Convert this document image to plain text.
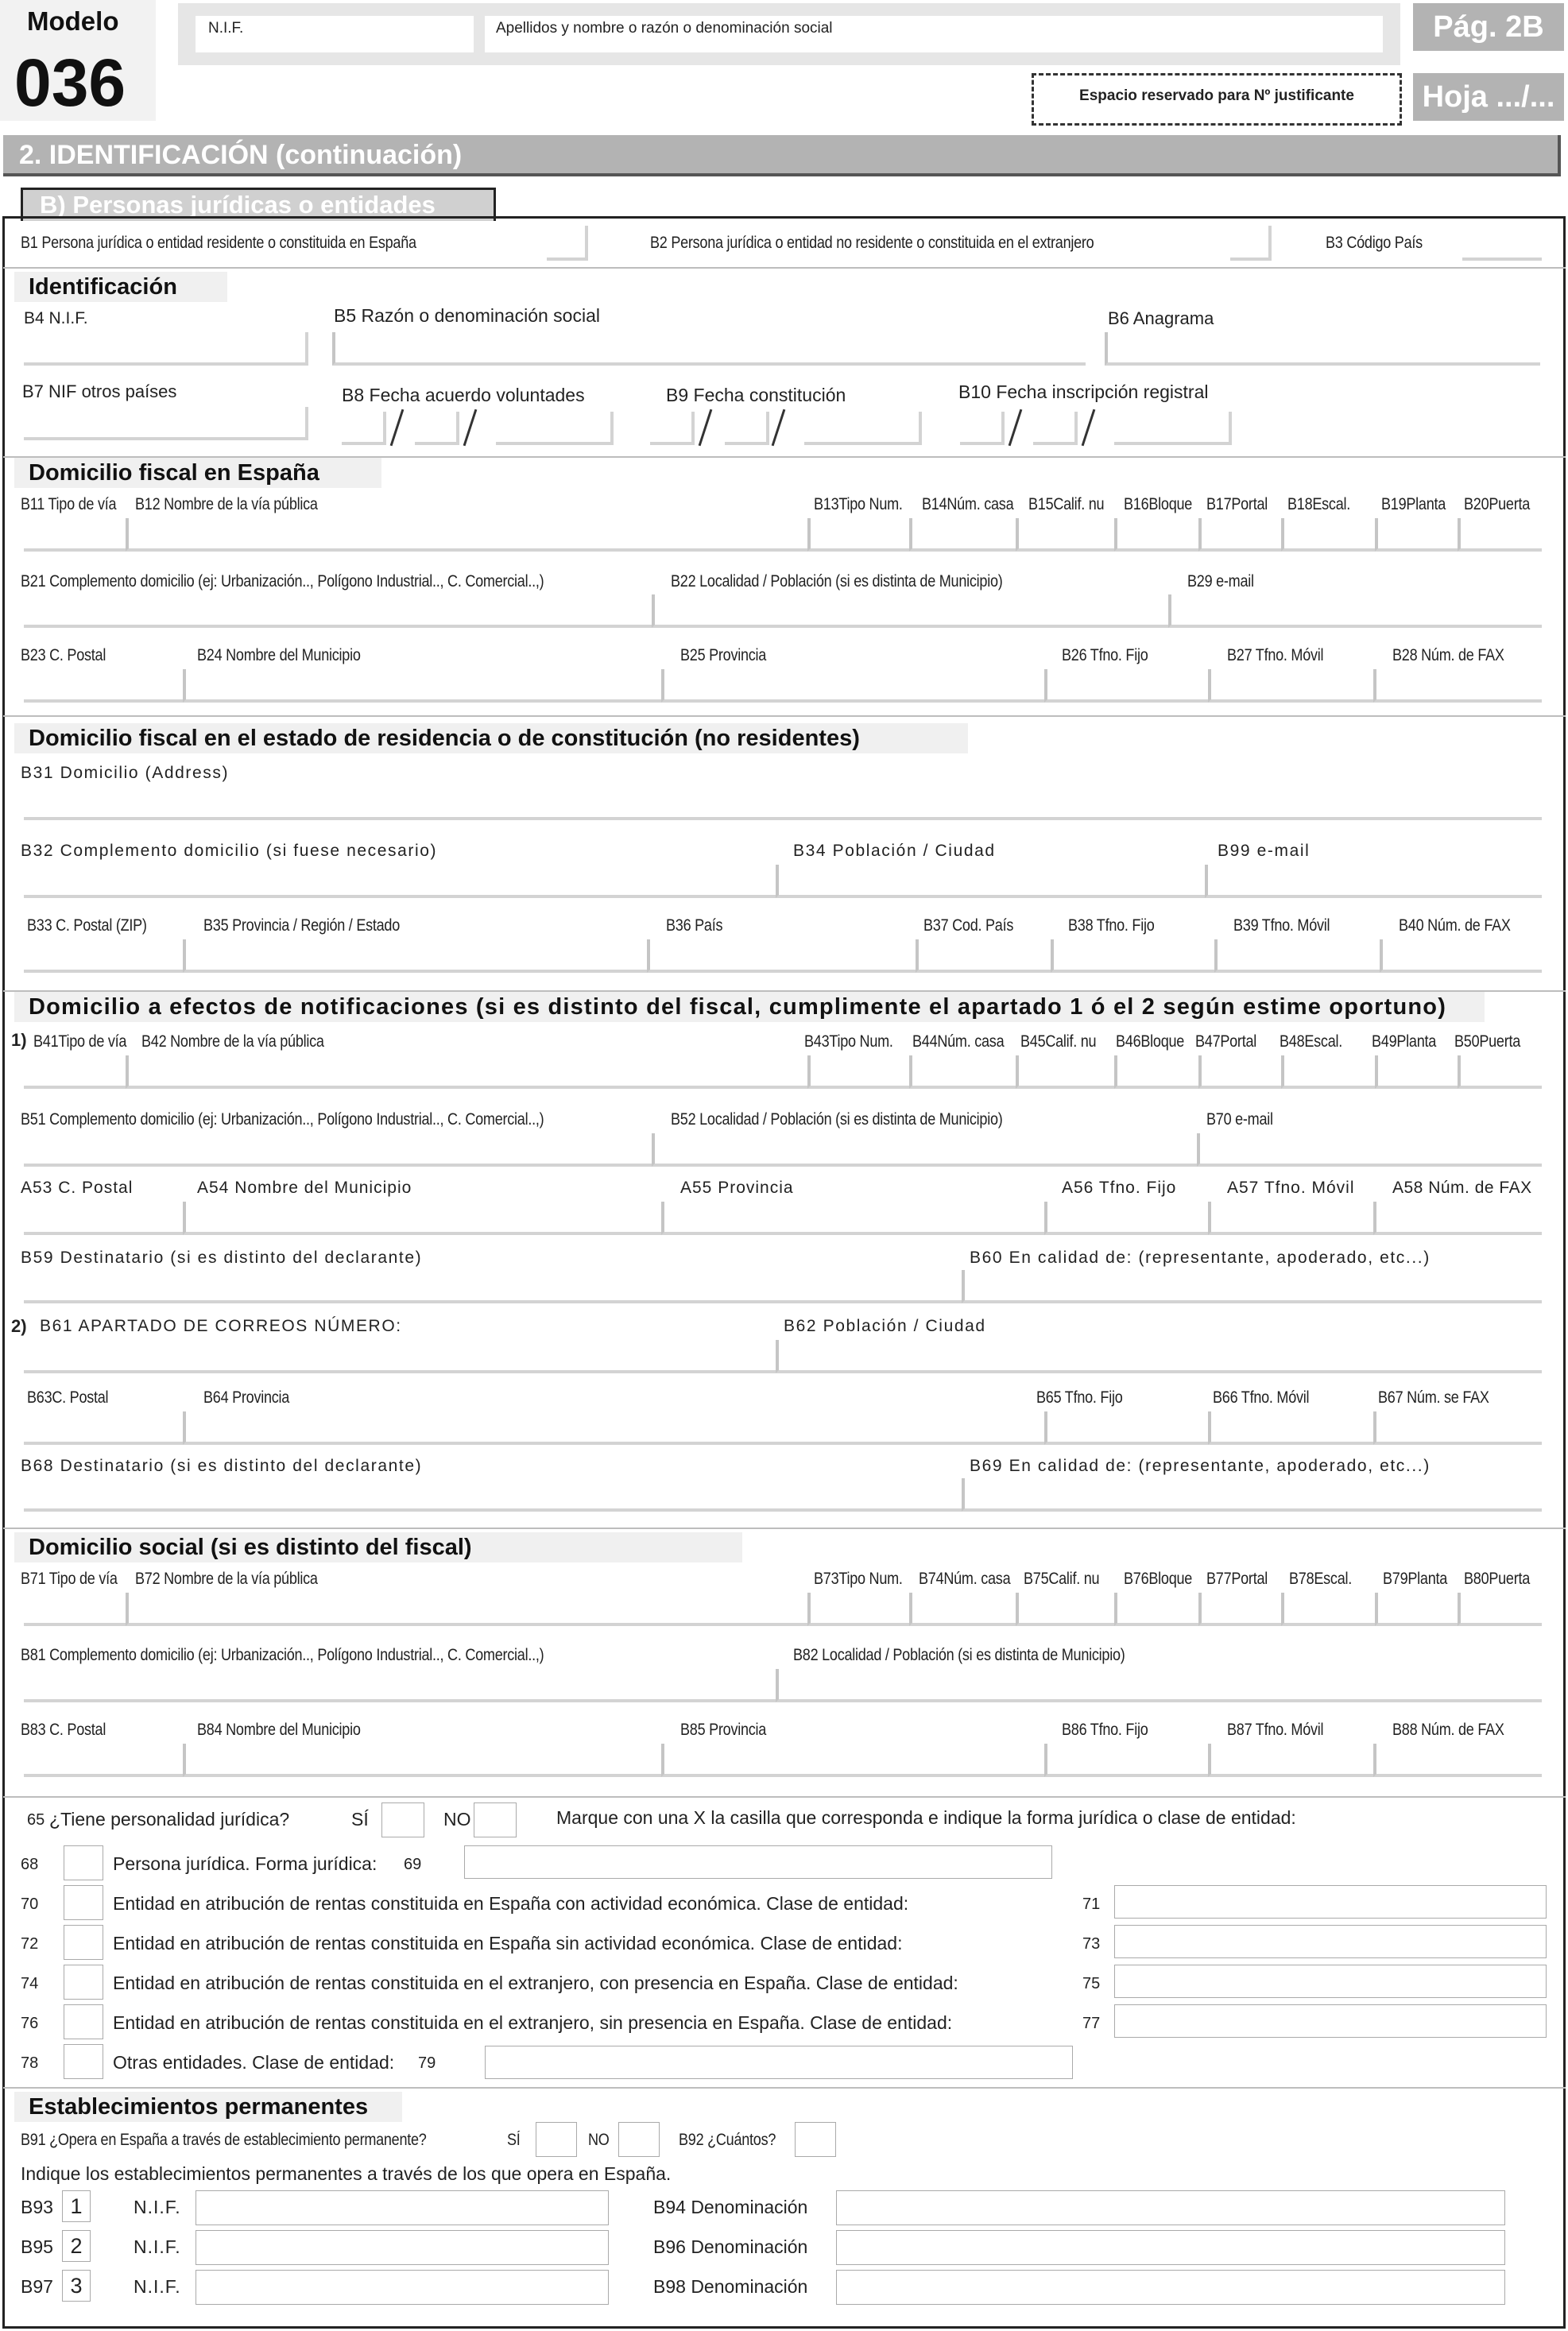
Modelo
036
N.I.F.	Apellidos y nombre o razón o denominación social	Pág. 2B
Hoja .../...
Espacio reservado para Nº justificante
2. IDENTIFICACIÓN (continuación)
B) Personas jurídicas o entidades
B1 Persona jurídica o entidad residente o constituida en España	B2 Persona jurídica o entidad no residente o constituida en el extranjero	B3 Código País
Identificación
B4 N.I.F.	B5 Razón o denominación social	B6 Anagrama
B7 NIF otros países	B8 Fecha acuerdo voluntades	B9 Fecha constitución	B10 Fecha inscripción registral
Domicilio fiscal en España
B11 Tipo de vía B12 Nombre de la vía pública	B13Tipo Num. B14Núm. casa B15Calif. nu B16Bloque B17Portal B18Escal. B19Planta B20Puerta
B21 Complemento domicilio (ej: Urbanización.., Polígono Industrial.., C. Comercial..,)	B22 Localidad / Población (si es distinta de Municipio)	B29 e-mail
B23 C. Postal	B24 Nombre del Municipio	B25 Provincia	B26 Tfno. Fijo	B27 Tfno. Móvil	B28 Núm. de FAX
Domicilio fiscal en el estado de residencia o de constitución (no residentes)
B31 Domicilio (Address)
B32 Complemento domicilio (si fuese necesario)	B34 Población / Ciudad	B99 e-mail
B33 C. Postal (ZIP)	B35 Provincia / Región / Estado	B36 País	B37 Cod. País	B38 Tfno. Fijo	B39 Tfno. Móvil	B40 Núm. de FAX
Domicilio a efectos de notificaciones (si es distinto del fiscal, cumplimente el apartado 1 ó el 2 según estime oportuno)
1) B41Tipo de vía B42 Nombre de la vía pública	B43Tipo Num. B44Núm. casa B45Calif. nu B46Bloque B47Portal B48Escal. B49Planta B50Puerta
B51 Complemento domicilio (ej: Urbanización.., Polígono Industrial.., C. Comercial..,)	B52 Localidad / Población (si es distinta de Municipio)	B70 e-mail
A53 C. Postal	A54 Nombre del Municipio	A55 Provincia	A56 Tfno. Fijo	A57 Tfno. Móvil A58 Núm. de FAX
B59 Destinatario (si es distinto del declarante)	B60 En calidad de: (representante, apoderado, etc...)
2) B61 APARTADO DE CORREOS NÚMERO:	B62 Población / Ciudad
B63C. Postal	B64 Provincia	B65 Tfno. Fijo	B66 Tfno. Móvil	B67 Núm. se FAX
B68 Destinatario (si es distinto del declarante)	B69 En calidad de: (representante, apoderado, etc...)
Domicilio social (si es distinto del fiscal)
B71 Tipo de vía B72 Nombre de la vía pública	B73Tipo Num. B74Núm. casa B75Calif. nu B76Bloque B77Portal B78Escal. B79Planta B80Puerta
B81 Complemento domicilio (ej: Urbanización.., Polígono Industrial.., C. Comercial..,)	B82 Localidad / Población (si es distinta de Municipio)
B83 C. Postal	B84 Nombre del Municipio	B85 Provincia	B86 Tfno. Fijo	B87 Tfno. Móvil	B88 Núm. de FAX
65 ¿Tiene personalidad jurídica?	SÍ	NO	Marque con una X la casilla que corresponda e indique la forma jurídica o clase de entidad:
68	Persona jurídica. Forma jurídica: 69
70	Entidad en atribución de rentas constituida en España con actividad económica. Clase de entidad:	71
72	Entidad en atribución de rentas constituida en España sin actividad económica. Clase de entidad:	73
74	Entidad en atribución de rentas constituida en el extranjero, con presencia en España. Clase de entidad:	75
76	Entidad en atribución de rentas constituida en el extranjero, sin presencia en España. Clase de entidad:	77
78	Otras entidades. Clase de entidad: 79
Establecimientos permanentes
B91 ¿Opera en España a través de establecimiento permanente?	SÍ	NO	B92 ¿Cuántos?
Indique los establecimientos permanentes a través de los que opera en España.
B93 1	N.I.F.	B94 Denominación
B95 2	N.I.F.	B96 Denominación
B97 3	N.I.F.	B98 Denominación
